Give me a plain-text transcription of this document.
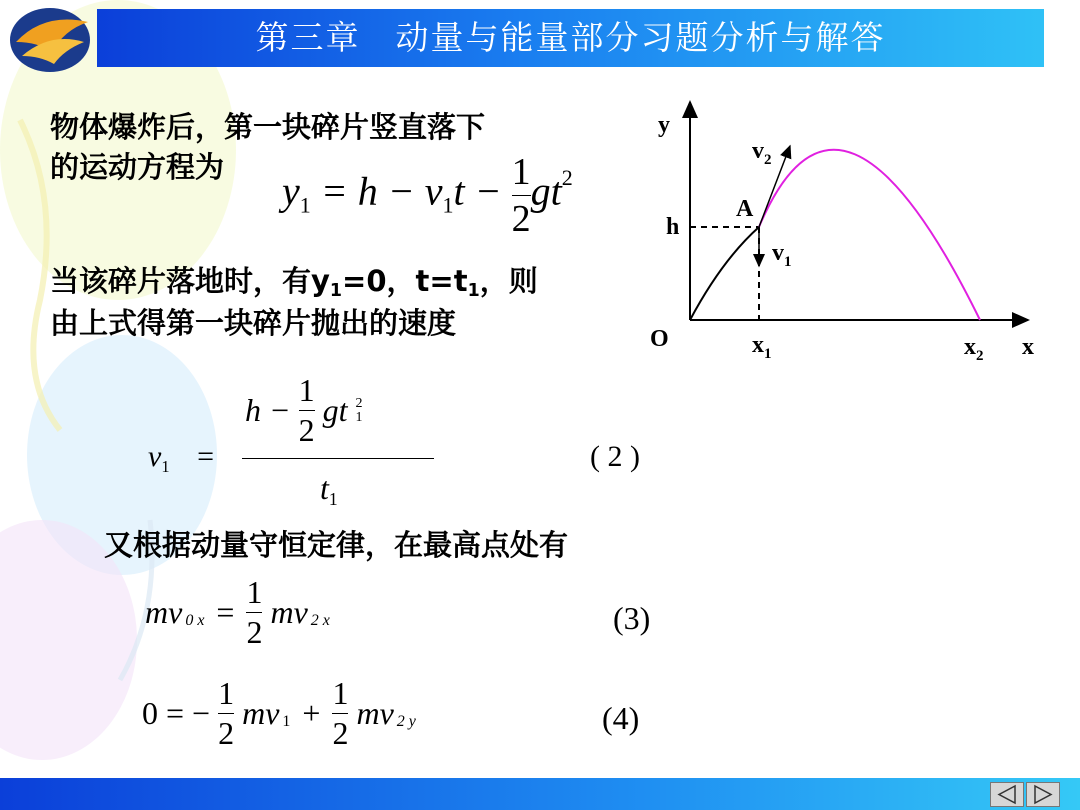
第三章　动量与能量部分习题分析与解答
物体爆炸后，第一块碎片竖直落下
的运动方程为
$y_1 = h - v_1t - \frac{1}{2} gt^2$
当该碎片落地时，有y1=0，t=t1，则
由上式得第一块碎片抛出的速度
$v_1$ =
$h - \frac{1}{2}$ gt 2
1
$t_1$
( 2 )
又根据动量守恒定律，在最高点处有
mv $_{0 x} = \frac{1}{2}$ mv $_{2 x}$	(3)
0 = − $\frac{1}{2}$ mv $_1 + \frac{1}{2}$ mv $_{2 y}$	(4)
y
x
O
h
A
$v_2$
$v_1$
$x_1$	$x_2$
